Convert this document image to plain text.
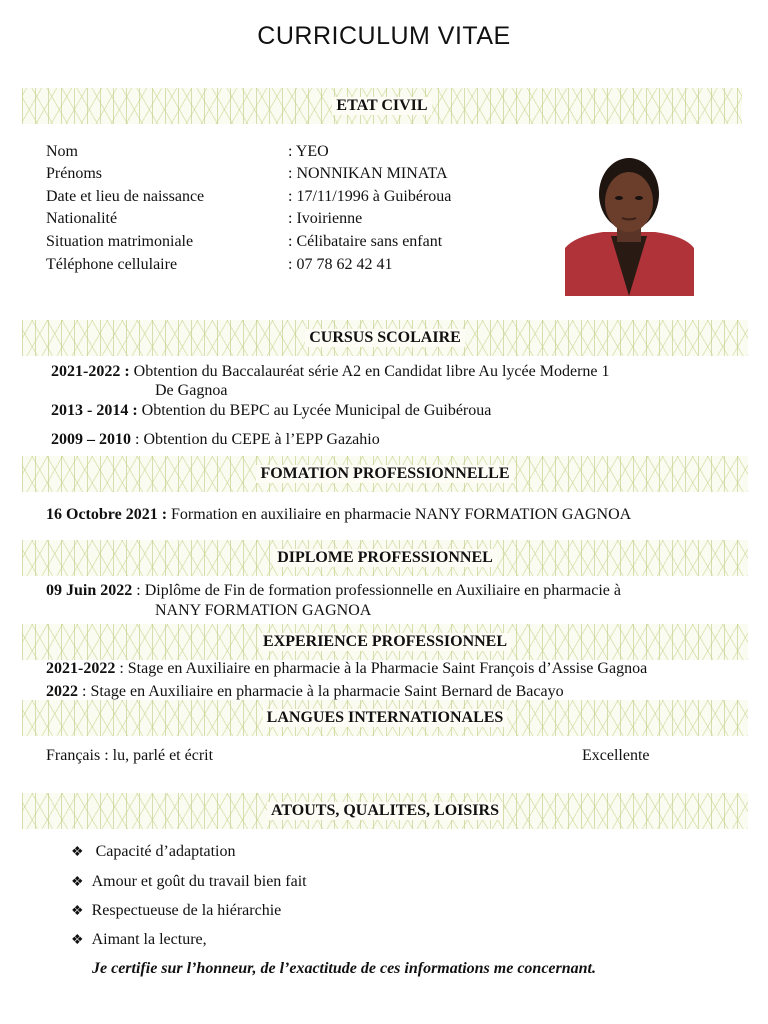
CURRICULUM VITAE
ETAT CIVIL
Nom	: YEO
Prénoms	: NONNIKAN MINATA
Date et lieu de naissance	: 17/11/1996 à Guibéroua
Nationalité	: Ivoirienne
Situation matrimoniale	: Célibataire sans enfant
Téléphone cellulaire	: 07 78 62 42 41
CURSUS SCOLAIRE
2021-2022 : Obtention du Baccalauréat série A2 en Candidat libre Au lycée Moderne 1
De Gagnoa
2013 - 2014 : Obtention du BEPC au Lycée Municipal de Guibéroua
2009 – 2010 : Obtention du CEPE à l’EPP Gazahio
FOMATION PROFESSIONNELLE
16 Octobre 2021 : Formation en auxiliaire en pharmacie NANY FORMATION GAGNOA
DIPLOME PROFESSIONNEL
09 Juin 2022 : Diplôme de Fin de formation professionnelle en Auxiliaire en pharmacie à
NANY FORMATION GAGNOA
EXPERIENCE PROFESSIONNEL
2021-2022 : Stage en Auxiliaire en pharmacie à la Pharmacie Saint François d’Assise Gagnoa
2022 : Stage en Auxiliaire en pharmacie à la pharmacie Saint Bernard de Bacayo
LANGUES INTERNATIONALES
Français : lu, parlé et écrit	Excellente
ATOUTS, QUALITES, LOISIRS
❖ Capacité d’adaptation
❖ Amour et goût du travail bien fait
❖ Respectueuse de la hiérarchie
❖ Aimant la lecture,
Je certifie sur l’honneur, de l’exactitude de ces informations me concernant.
